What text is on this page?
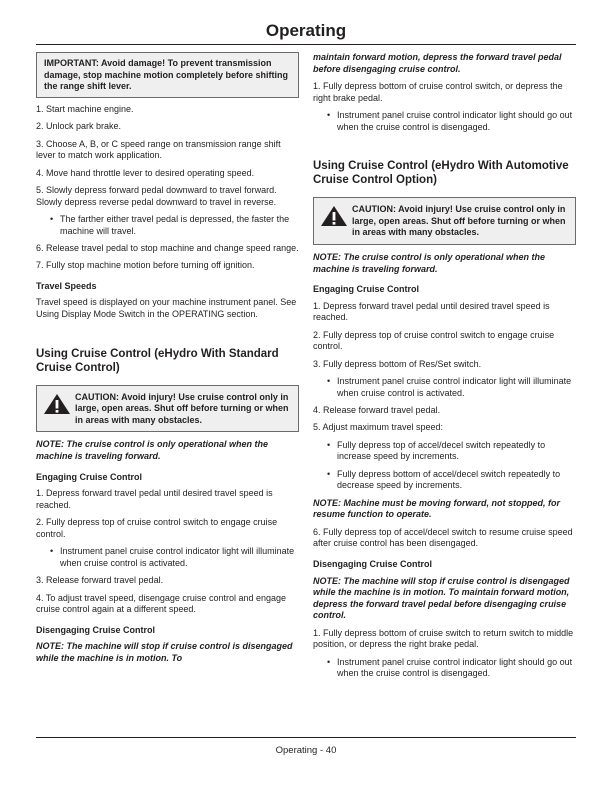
Operating
IMPORTANT: Avoid damage! To prevent transmission damage, stop machine motion completely before shifting the range shift lever.

1. Start machine engine.

2. Unlock park brake.

3. Choose A, B, or C speed range on transmission range shift lever to match work application.

4. Move hand throttle lever to desired operating speed.

5. Slowly depress forward pedal downward to travel forward. Slowly depress reverse pedal downward to travel in reverse.

• The farther either travel pedal is depressed, the faster the machine will travel.

6. Release travel pedal to stop machine and change speed range.

7. Fully stop machine motion before turning off ignition.

Travel Speeds

Travel speed is displayed on your machine instrument panel. See Using Display Mode Switch in the OPERATING section.

Using Cruise Control (eHydro With Standard Cruise Control)
CAUTION: Avoid injury! Use cruise control only in large, open areas. Shut off before turning or when in areas with many obstacles.

NOTE: The cruise control is only operational when the machine is traveling forward.

Engaging Cruise Control

1. Depress forward travel pedal until desired travel speed is reached.

2. Fully depress top of cruise control switch to engage cruise control.

• Instrument panel cruise control indicator light will illuminate when cruise control is activated.

3. Release forward travel pedal.

4. To adjust travel speed, disengage cruise control and engage cruise control again at a different speed.

Disengaging Cruise Control

NOTE: The machine will stop if cruise control is disengaged while the machine is in motion. To

maintain forward motion, depress the forward travel pedal before disengaging cruise control.

1. Fully depress bottom of cruise control switch, or depress the right brake pedal.

• Instrument panel cruise control indicator light should go out when the cruise control is disengaged.

Using Cruise Control (eHydro With Automotive Cruise Control Option)
CAUTION: Avoid injury! Use cruise control only in large, open areas. Shut off before turning or when in areas with many obstacles.

NOTE: The cruise control is only operational when the machine is traveling forward.

Engaging Cruise Control

1. Depress forward travel pedal until desired travel speed is reached.

2. Fully depress top of cruise control switch to engage cruise control.

3. Fully depress bottom of Res/Set switch.

• Instrument panel cruise control indicator light will illuminate when cruise control is activated.

4. Release forward travel pedal.

5. Adjust maximum travel speed:

• Fully depress top of accel/decel switch repeatedly to increase speed by increments.

• Fully depress bottom of accel/decel switch repeatedly to decrease speed by increments.

NOTE: Machine must be moving forward, not stopped, for resume function to operate.

6. Fully depress top of accel/decel switch to resume cruise speed after cruise control has been disengaged.

Disengaging Cruise Control

NOTE: The machine will stop if cruise control is disengaged while the machine is in motion. To maintain forward motion, depress the forward travel pedal before disengaging cruise control.

1. Fully depress bottom of cruise switch to return switch to middle position, or depress the right brake pedal.

• Instrument panel cruise control indicator light should go out when the cruise control is disengaged.

Operating - 40
